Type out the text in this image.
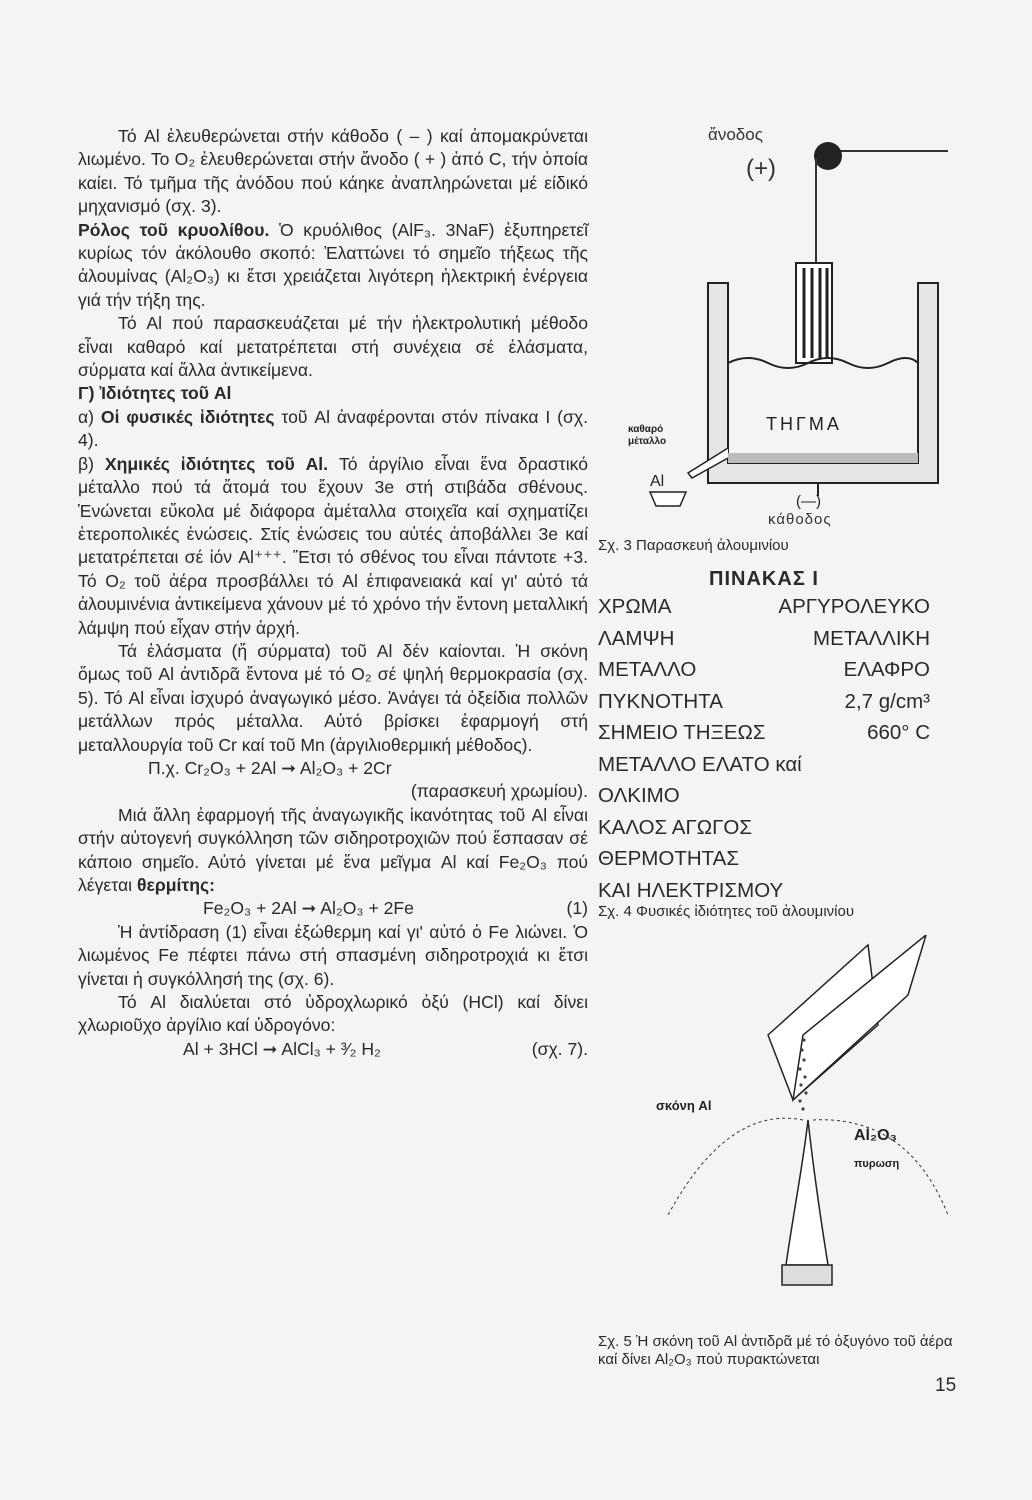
Τό Al ἐλευθερώνεται στήν κάθοδο ( – ) καί ἀπομακρύνεται λιωμένο. Το O₂ ἐλευθερώνεται στήν ἄνοδο ( + ) ἀπό C, τήν ὁποία καίει. Τό τμῆμα τῆς ἀνόδου πού κάηκε ἀναπληρώνεται μέ είδικό μηχανισμό (σχ. 3).

Ρόλος τοῦ κρυολίθου. Ὁ κρυόλιθος (AlF₃. 3NaF) ἐξυπηρετεῖ κυρίως τόν ἀκόλουθο σκοπό: Ἐλαττώνει τό σημεῖο τήξεως τῆς ἀλουμίνας (Al₂O₃) κι ἔτσι χρειάζεται λιγότερη ἠλεκτρική ἐνέργεια γιά τήν τήξη της.

Τό Al πού παρασκευάζεται μέ τήν ἠλεκτρολυτική μέθοδο εἶναι καθαρό καί μετατρέπεται στή συνέχεια σέ ἐλάσματα, σύρματα καί ἄλλα ἀντικείμενα.

Γ) Ἰδιότητες τοῦ Al

α) Οἱ φυσικές ἰδιότητες τοῦ Al ἀναφέρονται στόν πίνακα I (σχ. 4).

β) Χημικές ἰδιότητες τοῦ Al. Τό ἀργίλιο εἶναι ἕνα δραστικό μέταλλο πού τά ἄτομά του ἔχουν 3e στή στιβάδα σθένους. Ἑνώνεται εὔκολα μέ διάφορα ἀμέταλλα στοιχεῖα καί σχηματίζει ἑτεροπολικές ἑνώσεις. Στίς ἑνώσεις του αὐτές ἀποβάλλει 3e καί μετατρέπεται σέ ἰόν Al⁺⁺⁺. Ἔτσι τό σθένος του εἶναι πάντοτε +3. Τό O₂ τοῦ ἀέρα προσβάλλει τό Al ἐπιφανειακά καί γι' αὐτό τά ἀλουμινένια ἀντικείμενα χάνουν μέ τό χρόνο τήν ἔντονη μεταλλική λάμψη πού εἶχαν στήν ἀρχή.

Τά ἐλάσματα (ἤ σύρματα) τοῦ Al δέν καίονται. Ἡ σκόνη ὅμως τοῦ Al ἀντιδρᾶ ἔντονα μέ τό O₂ σέ ψηλή θερμοκρασία (σχ. 5). Τό Al εἶναι ἰσχυρό ἀναγωγικό μέσο. Ἀνάγει τά ὀξείδια πολλῶν μετάλλων πρός μέταλλα. Αὐτό βρίσκει ἐφαρμογή στή μεταλλουργία τοῦ Cr καί τοῦ Mn (ἀργιλιοθερμική μέθοδος).

Π.χ. Cr₂O₃ + 2Al ➞ Al₂O₃ + 2Cr

(παρασκευή χρωμίου).

Μιά ἄλλη ἐφαρμογή τῆς ἀναγωγικῆς ἱκανότητας τοῦ Al εἶναι στήν αὐτογενή συγκόλληση τῶν σιδηροτροχιῶν πού ἔσπασαν σέ κάποιο σημεῖο. Αὐτό γίνεται μέ ἕνα μεῖγμα Al καί Fe₂O₃ πού λέγεται θερμίτης:

Fe₂O₃ + 2Al ➞ Al₂O₃ + 2Fe	(1)

Ἡ ἀντίδραση (1) εἶναι ἐξώθερμη καί γι' αὐτό ὁ Fe λιώνει. Ὁ λιωμένος Fe πέφτει πάνω στή σπασμένη σιδηροτροχιά κι ἔτσι γίνεται ἡ συγκόλλησή της (σχ. 6).

Τό Al διαλύεται στό ὑδροχλωρικό ὀξύ (HCl) καί δίνει χλωριοῦχο ἀργίλιο καί ὑδρογόνο:

Al + 3HCl ➞ AlCl₃ + ³⁄₂ H₂	(σχ. 7).

ἄνοδος
(+)
ΤΗΓΜΑ
καθαρό
μέταλλο
Al
(—)
κάθοδος

Σχ. 3 Παρασκευή ἀλουμινίου

ΠΙΝΑΚΑΣ Ι
ΧΡΩΜΑ	ΑΡΓΥΡΟΛΕΥΚΟ
ΛΑΜΨΗ	ΜΕΤΑΛΛΙΚΗ
ΜΕΤΑΛΛΟ	ΕΛΑΦΡΟ
ΠΥΚΝΟΤΗΤΑ	2,7 g/cm³
ΣΗΜΕΙΟ ΤΗΞΕΩΣ	660° C
ΜΕΤΑΛΛΟ ΕΛΑΤΟ καί
ΟΛΚΙΜΟ
ΚΑΛΟΣ ΑΓΩΓΟΣ
ΘΕΡΜΟΤΗΤΑΣ
ΚΑΙ ΗΛΕΚΤΡΙΣΜΟΥ

Σχ. 4 Φυσικές ἰδιότητες τοῦ ἀλουμινίου

σκόνη Al
Al₂O₃
πυρωση

Σχ. 5 Ἡ σκόνη τοῦ Al ἀντιδρᾶ μέ τό ὀξυγόνο τοῦ ἀέρα καί δίνει Al₂O₃ πού πυρακτώνεται

15
